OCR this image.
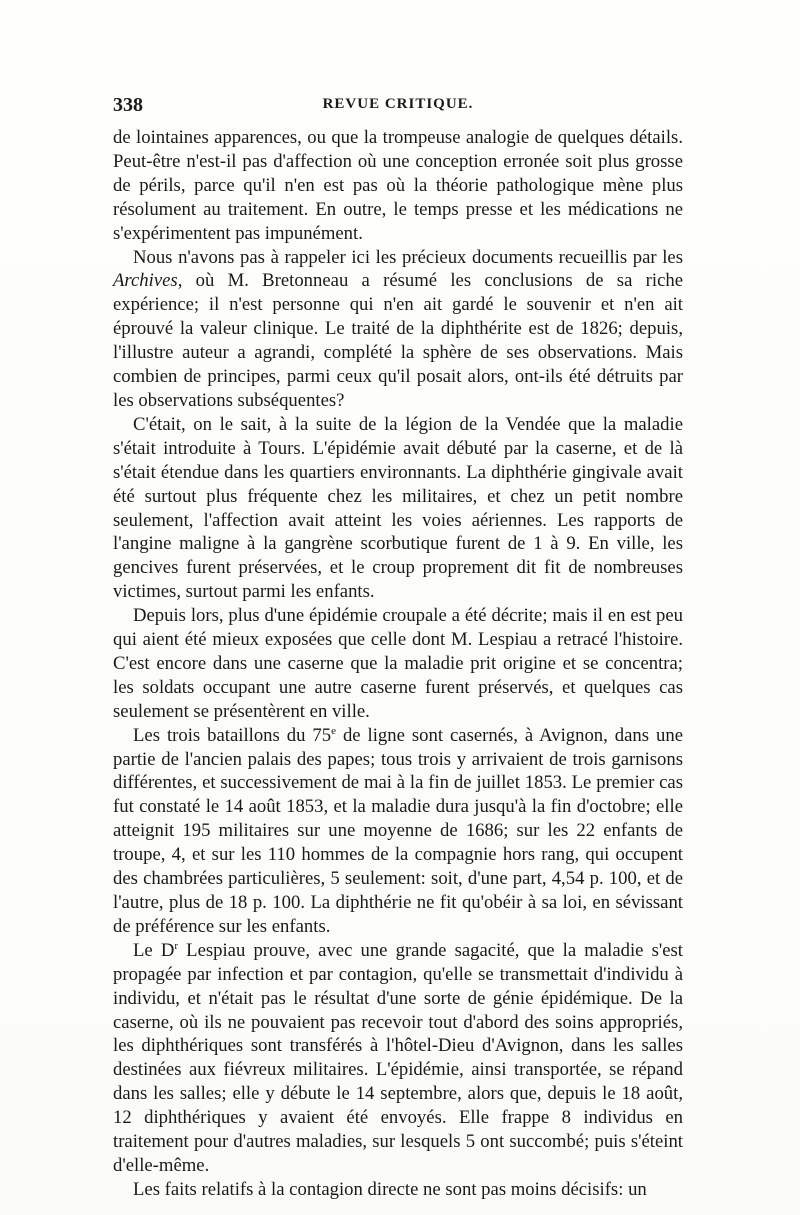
338	REVUE CRITIQUE.

de lointaines apparences, ou que la trompeuse analogie de quelques détails. Peut-être n'est-il pas d'affection où une conception erronée soit plus grosse de périls, parce qu'il n'en est pas où la théorie pathologique mène plus résolument au traitement. En outre, le temps presse et les médications ne s'expérimentent pas impunément.

Nous n'avons pas à rappeler ici les précieux documents recueillis par les Archives, où M. Bretonneau a résumé les conclusions de sa riche expérience; il n'est personne qui n'en ait gardé le souvenir et n'en ait éprouvé la valeur clinique. Le traité de la diphthérite est de 1826; depuis, l'illustre auteur a agrandi, complété la sphère de ses observations. Mais combien de principes, parmi ceux qu'il posait alors, ont-ils été détruits par les observations subséquentes?

C'était, on le sait, à la suite de la légion de la Vendée que la maladie s'était introduite à Tours. L'épidémie avait débuté par la caserne, et de là s'était étendue dans les quartiers environnants. La diphthérie gingivale avait été surtout plus fréquente chez les militaires, et chez un petit nombre seulement, l'affection avait atteint les voies aériennes. Les rapports de l'angine maligne à la gangrène scorbutique furent de 1 à 9. En ville, les gencives furent préservées, et le croup proprement dit fit de nombreuses victimes, surtout parmi les enfants.

Depuis lors, plus d'une épidémie croupale a été décrite; mais il en est peu qui aient été mieux exposées que celle dont M. Lespiau a retracé l'histoire. C'est encore dans une caserne que la maladie prit origine et se concentra; les soldats occupant une autre caserne furent préservés, et quelques cas seulement se présentèrent en ville.

Les trois bataillons du 75e de ligne sont casernés, à Avignon, dans une partie de l'ancien palais des papes; tous trois y arrivaient de trois garnisons différentes, et successivement de mai à la fin de juillet 1853. Le premier cas fut constaté le 14 août 1853, et la maladie dura jusqu'à la fin d'octobre; elle atteignit 195 militaires sur une moyenne de 1686; sur les 22 enfants de troupe, 4, et sur les 110 hommes de la compagnie hors rang, qui occupent des chambrées particulières, 5 seulement: soit, d'une part, 4,54 p. 100, et de l'autre, plus de 18 p. 100. La diphthérie ne fit qu'obéir à sa loi, en sévissant de préférence sur les enfants.

Le $D^r$ Lespiau prouve, avec une grande sagacité, que la maladie s'est propagée par infection et par contagion, qu'elle se transmettait d'individu à individu, et n'était pas le résultat d'une sorte de génie épidémique. De la caserne, où ils ne pouvaient pas recevoir tout d'abord des soins appropriés, les diphthériques sont transférés à l'hôtel-Dieu d'Avignon, dans les salles destinées aux fiévreux militaires. L'épidémie, ainsi transportée, se répand dans les salles; elle y débute le 14 septembre, alors que, depuis le 18 août, 12 diphthériques y avaient été envoyés. Elle frappe 8 individus en traitement pour d'autres maladies, sur lesquels 5 ont succombé; puis s'éteint d'elle-même.

Les faits relatifs à la contagion directe ne sont pas moins décisifs: un
